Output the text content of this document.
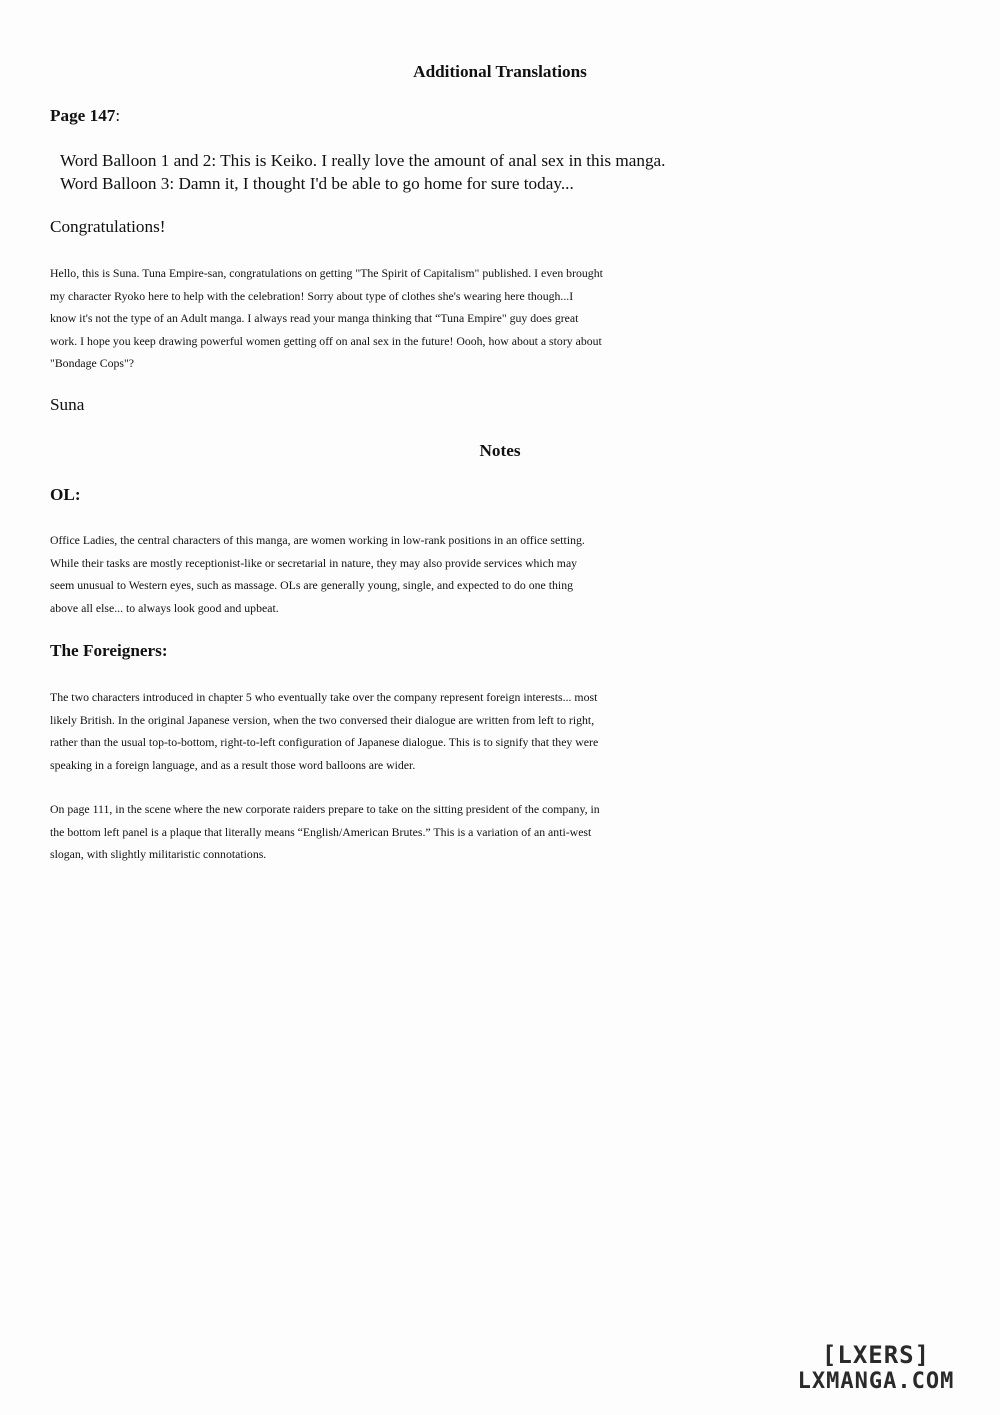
Additional Translations

Page 147:

Word Balloon 1 and 2: This is Keiko. I really love the amount of anal sex in this manga.
Word Balloon 3: Damn it, I thought I'd be able to go home for sure today...

Congratulations!

Hello, this is Suna. Tuna Empire-san, congratulations on getting "The Spirit of Capitalism" published. I even brought
my character Ryoko here to help with the celebration! Sorry about type of clothes she's wearing here though...I
know it's not the type of an Adult manga. I always read your manga thinking that “Tuna Empire" guy does great
work. I hope you keep drawing powerful women getting off on anal sex in the future! Oooh, how about a story about
"Bondage Cops"?

Suna

Notes

OL:

Office Ladies, the central characters of this manga, are women working in low-rank positions in an office setting.
While their tasks are mostly receptionist-like or secretarial in nature, they may also provide services which may
seem unusual to Western eyes, such as massage. OLs are generally young, single, and expected to do one thing
above all else... to always look good and upbeat.

The Foreigners:

The two characters introduced in chapter 5 who eventually take over the company represent foreign interests... most
likely British. In the original Japanese version, when the two conversed their dialogue are written from left to right,
rather than the usual top-to-bottom, right-to-left configuration of Japanese dialogue. This is to signify that they were
speaking in a foreign language, and as a result those word balloons are wider.
On page 111, in the scene where the new corporate raiders prepare to take on the sitting president of the company, in
the bottom left panel is a plaque that literally means “English/American Brutes.” This is a variation of an anti-west
slogan, with slightly militaristic connotations.
[LXERS]
LXMANGA.COM
